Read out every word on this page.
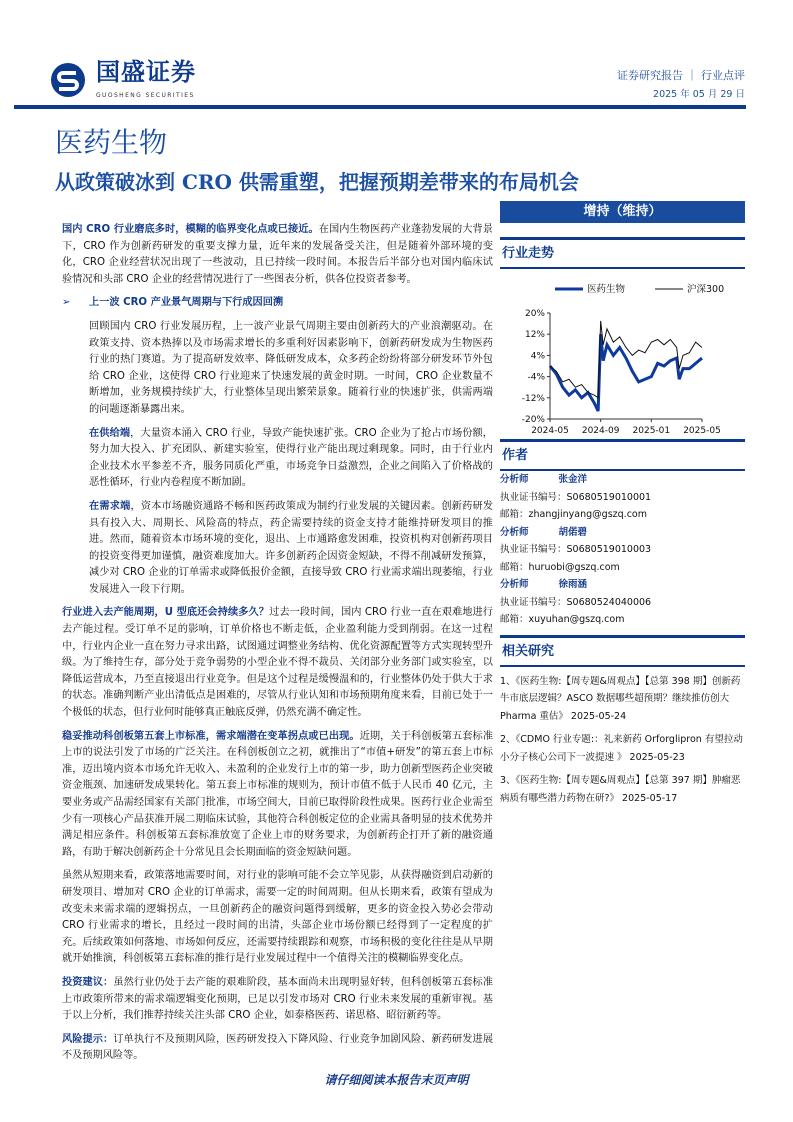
国盛证券
GUOSHENG SECURITIES
证券研究报告 ｜ 行业点评
2025 年 05 月 29 日
医药生物
从政策破冰到 CRO 供需重塑，把握预期差带来的布局机会

国内 CRO 行业磨底多时，模糊的临界变化点或已接近。在国内生物医药产业蓬勃发展的大背景下，CRO 作为创新药研发的重要支撑力量，近年来的发展备受关注，但是随着外部环境的变化，CRO 企业经营状况出现了一些波动，且已持续一段时间。本报告后半部分也对国内临床试验情况和头部 CRO 企业的经营情况进行了一些图表分析，供各位投资者参考。

➢ 上一波 CRO 产业景气周期与下行成因回溯

回顾国内 CRO 行业发展历程，上一波产业景气周期主要由创新药大的产业浪潮驱动。在政策支持、资本热捧以及市场需求增长的多重利好因素影响下，创新药研发成为生物医药行业的热门赛道。为了提高研发效率、降低研发成本，众多药企纷纷将部分研发环节外包给 CRO 企业，这使得 CRO 行业迎来了快速发展的黄金时期。一时间，CRO 企业数量不断增加，业务规模持续扩大，行业整体呈现出繁荣景象。随着行业的快速扩张，供需两端的问题逐渐暴露出来。

在供给端，大量资本涌入 CRO 行业，导致产能快速扩张。CRO 企业为了抢占市场份额，努力加大投入、扩充团队、新建实验室，使得行业产能出现过剩现象。同时，由于行业内企业技术水平参差不齐，服务同质化严重，市场竞争日益激烈，企业之间陷入了价格战的恶性循环，行业内卷程度不断加剧。

在需求端，资本市场融资通路不畅和医药政策成为制约行业发展的关键因素。创新药研发具有投入大、周期长、风险高的特点，药企需要持续的资金支持才能维持研发项目的推进。然而，随着资本市场环境的变化，退出、上市通路愈发困难，投资机构对创新药项目的投资变得更加谨慎，融资难度加大。许多创新药企因资金短缺，不得不削减研发预算，减少对 CRO 企业的订单需求或降低报价金额，直接导致 CRO 行业需求端出现萎缩，行业发展进入一段下行期。

行业进入去产能周期，U 型底还会持续多久？过去一段时间，国内 CRO 行业一直在艰难地进行去产能过程。受订单不足的影响，订单价格也不断走低，企业盈利能力受到削弱。在这一过程中，行业内企业一直在努力寻求出路，试图通过调整业务结构、优化资源配置等方式实现转型升级。为了维持生存，部分处于竞争弱势的小型企业不得不裁员、关闭部分业务部门或实验室，以降低运营成本，乃至直接退出行业竞争。但是这个过程是缓慢温和的，行业整体仍处于供大于求的状态。准确判断产业出清低点是困难的，尽管从行业认知和市场预期角度来看，目前已处于一个极低的状态，但行业何时能够真正触底反弹，仍然充满不确定性。

稳妥推动科创板第五套上市标准，需求端潜在变革拐点或已出现。近期，关于科创板第五套标准上市的说法引发了市场的广泛关注。在科创板创立之初，就推出了“市值+研发”的第五套上市标准，迈出境内资本市场允许无收入、未盈利的企业发行上市的第一步，助力创新型医药企业突破资金瓶颈、加速研发成果转化。第五套上市标准的规则为，预计市值不低于人民币 40 亿元，主要业务或产品需经国家有关部门批准，市场空间大，目前已取得阶段性成果。医药行业企业需至少有一项核心产品获准开展二期临床试验，其他符合科创板定位的企业需具备明显的技术优势并满足相应条件。科创板第五套标准放宽了企业上市的财务要求，为创新药企打开了新的融资通路，有助于解决创新药企十分常见且会长期面临的资金短缺问题。

虽然从短期来看，政策落地需要时间，对行业的影响可能不会立竿见影，从获得融资到启动新的研发项目、增加对 CRO 企业的订单需求，需要一定的时间周期。但从长期来看，政策有望成为改变未来需求端的逻辑拐点，一旦创新药企的融资问题得到缓解，更多的资金投入势必会带动 CRO 行业需求的增长，且经过一段时间的出清，头部企业市场份额已经得到了一定程度的扩充。后续政策如何落地、市场如何反应，还需要持续跟踪和观察，市场积极的变化往往是从早期就开始推演，科创板第五套标准的推行是行业发展过程中一个值得关注的模糊临界变化点。

投资建议：虽然行业仍处于去产能的艰难阶段，基本面尚未出现明显好转，但科创板第五套标准上市政策所带来的需求端逻辑变化预期，已足以引发市场对 CRO 行业未来发展的重新审视。基于以上分析，我们推荐持续关注头部 CRO 企业，如泰格医药、诺思格、昭衍新药等。

风险提示：订单执行不及预期风险，医药研发投入下降风险、行业竞争加剧风险、新药研发进展不及预期风险等。

增持（维持）
行业走势
20%
12%
4%
-4%
-12%
-20%
2024-05 2024-09 2025-01 2025-05
医药生物	沪深300
作者
分析师	张金洋
执业证书编号：S0680519010001
邮箱：zhangjinyang@gszq.com
分析师	胡偌碧
执业证书编号：S0680519010003
邮箱：huruobi@gszq.com
分析师	徐雨涵
执业证书编号：S0680524040006
邮箱：xuyuhan@gszq.com
相关研究
1、《医药生物:【周专题&周观点】【总第 398 期】创新药牛市底层逻辑？ASCO 数据哪些超预期？继续推仿创大 Pharma 重估》 2025-05-24
2、《CDMO 行业专题:：礼来新药 Orforglipron 有望拉动小分子核心公司下一波提速 》 2025-05-23
3、《医药生物:【周专题&周观点】【总第 397 期】肿瘤恶病质有哪些潜力药物在研?》 2025-05-17
请仔细阅读本报告末页声明
